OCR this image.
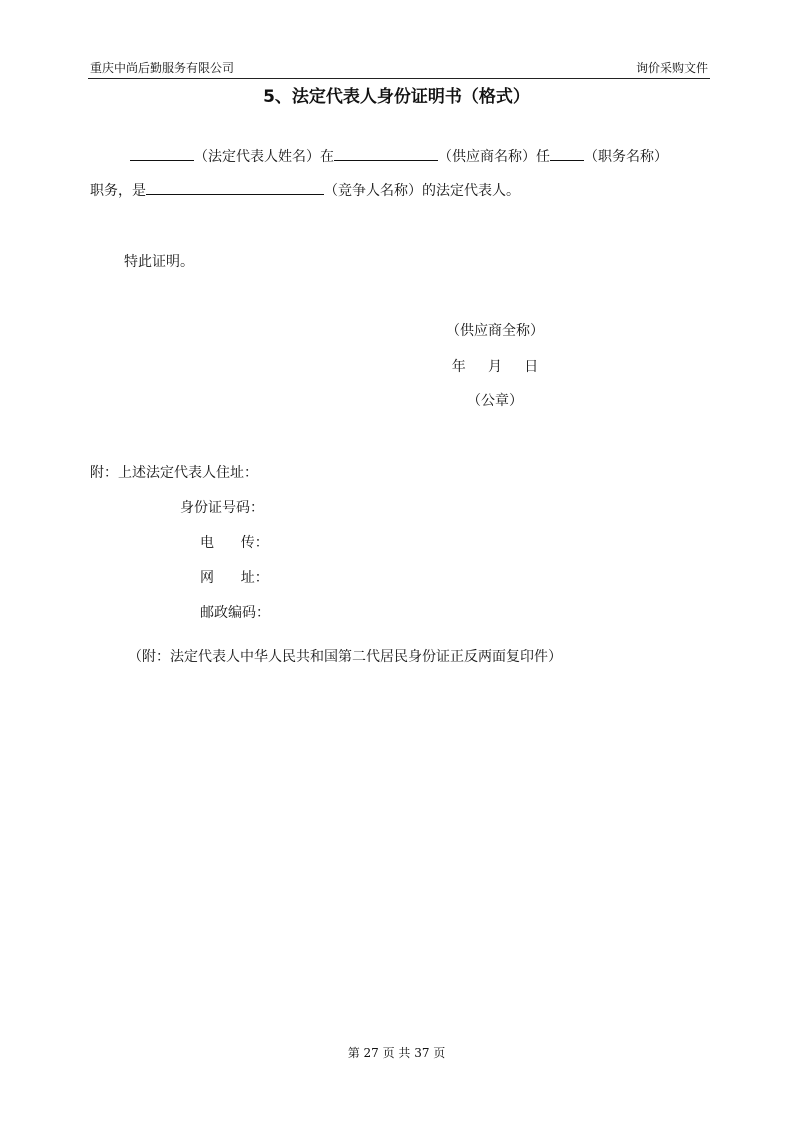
重庆中尚后勤服务有限公司	询价采购文件
5、法定代表人身份证明书（格式）
（法定代表人姓名）在	（供应商名称）任 （职务名称）
职务，是	（竞争人名称）的法定代表人。
特此证明。
（供应商全称）
年     月     日
（公章）
附：上述法定代表人住址：
身份证号码：
电      传：
网      址：
邮政编码：
（附：法定代表人中华人民共和国第二代居民身份证正反两面复印件）
第 27 页 共 37 页
